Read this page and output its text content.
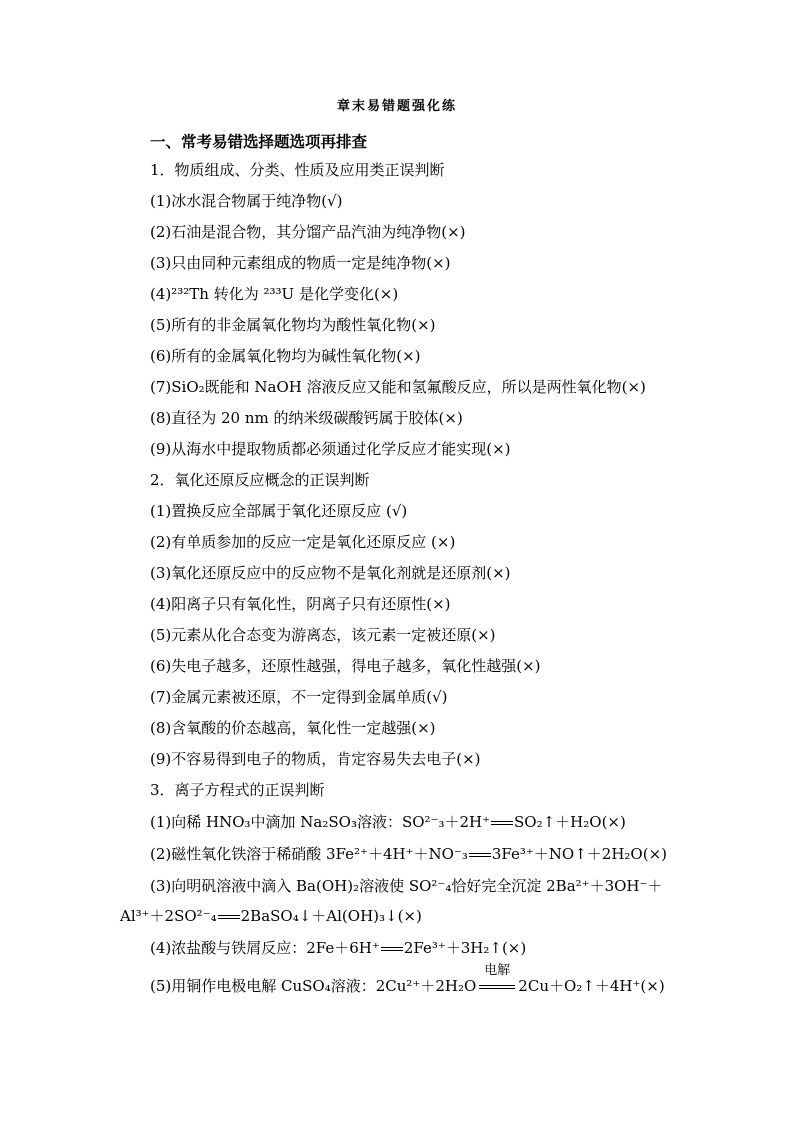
章末易错题强化练
一、常考易错选择题选项再排查
1．物质组成、分类、性质及应用类正误判断
(1)冰水混合物属于纯净物(√)
(2)石油是混合物，其分馏产品汽油为纯净物(×)
(3)只由同种元素组成的物质一定是纯净物(×)
(4)²³²Th 转化为 ²³³U 是化学变化(×)
(5)所有的非金属氧化物均为酸性氧化物(×)
(6)所有的金属氧化物均为碱性氧化物(×)
(7)SiO₂既能和 NaOH 溶液反应又能和氢氟酸反应，所以是两性氧化物(×)
(8)直径为 20 nm 的纳米级碳酸钙属于胶体(×)
(9)从海水中提取物质都必须通过化学反应才能实现(×)
2．氧化还原反应概念的正误判断
(1)置换反应全部属于氧化还原反应 (√)
(2)有单质参加的反应一定是氧化还原反应 (×)
(3)氧化还原反应中的反应物不是氧化剂就是还原剂(×)
(4)阳离子只有氧化性，阴离子只有还原性(×)
(5)元素从化合态变为游离态，该元素一定被还原(×)
(6)失电子越多，还原性越强，得电子越多，氧化性越强(×)
(7)金属元素被还原，不一定得到金属单质(√)
(8)含氧酸的价态越高，氧化性一定越强(×)
(9)不容易得到电子的物质，肯定容易失去电子(×)
3．离子方程式的正误判断
(1)向稀 HNO₃中滴加 Na₂SO₃溶液：SO²⁻₃＋2H⁺ SO₂↑＋H₂O(×)
(2)磁性氧化铁溶于稀硝酸 3Fe²⁺＋4H⁺＋NO⁻₃ 3Fe³⁺＋NO↑＋2H₂O(×)
(3)向明矾溶液中滴入 Ba(OH)₂溶液使 SO²⁻₄恰好完全沉淀 2Ba²⁺＋3OH⁻＋
Al³⁺＋2SO²⁻₄ 2BaSO₄↓＋Al(OH)₃↓(×)
(4)浓盐酸与铁屑反应：2Fe＋6H⁺ 2Fe³⁺＋3H₂↑(×)
(5)用铜作电极电解 CuSO₄溶液：2Cu²⁺＋2H₂O
电解
2Cu＋O₂↑＋4H⁺(×)
